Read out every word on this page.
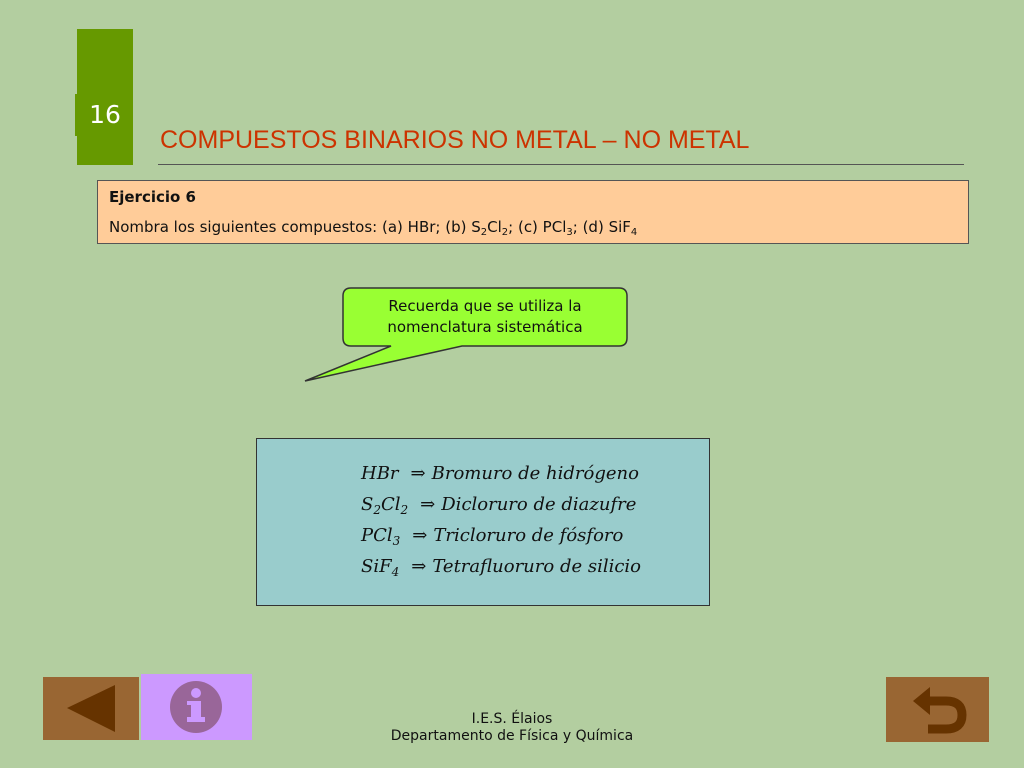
16
COMPUESTOS BINARIOS NO METAL – NO METAL
Ejercicio 6
Nombra los siguientes compuestos: (a) HBr; (b) $S_2Cl_2$; (c) PCl$_3$; (d) SiF$_4$
Recuerda que se utiliza la
nomenclatura sistemática
HBr ⇒ Bromuro de hidrógeno
$S_2Cl_2$ ⇒ Dicloruro de diazufre
PCl$_3$ ⇒ Tricloruro de fósforo
SiF$_4$ ⇒ Tetrafluoruro de silicio
I.E.S. Élaios
Departamento de Física y Química
